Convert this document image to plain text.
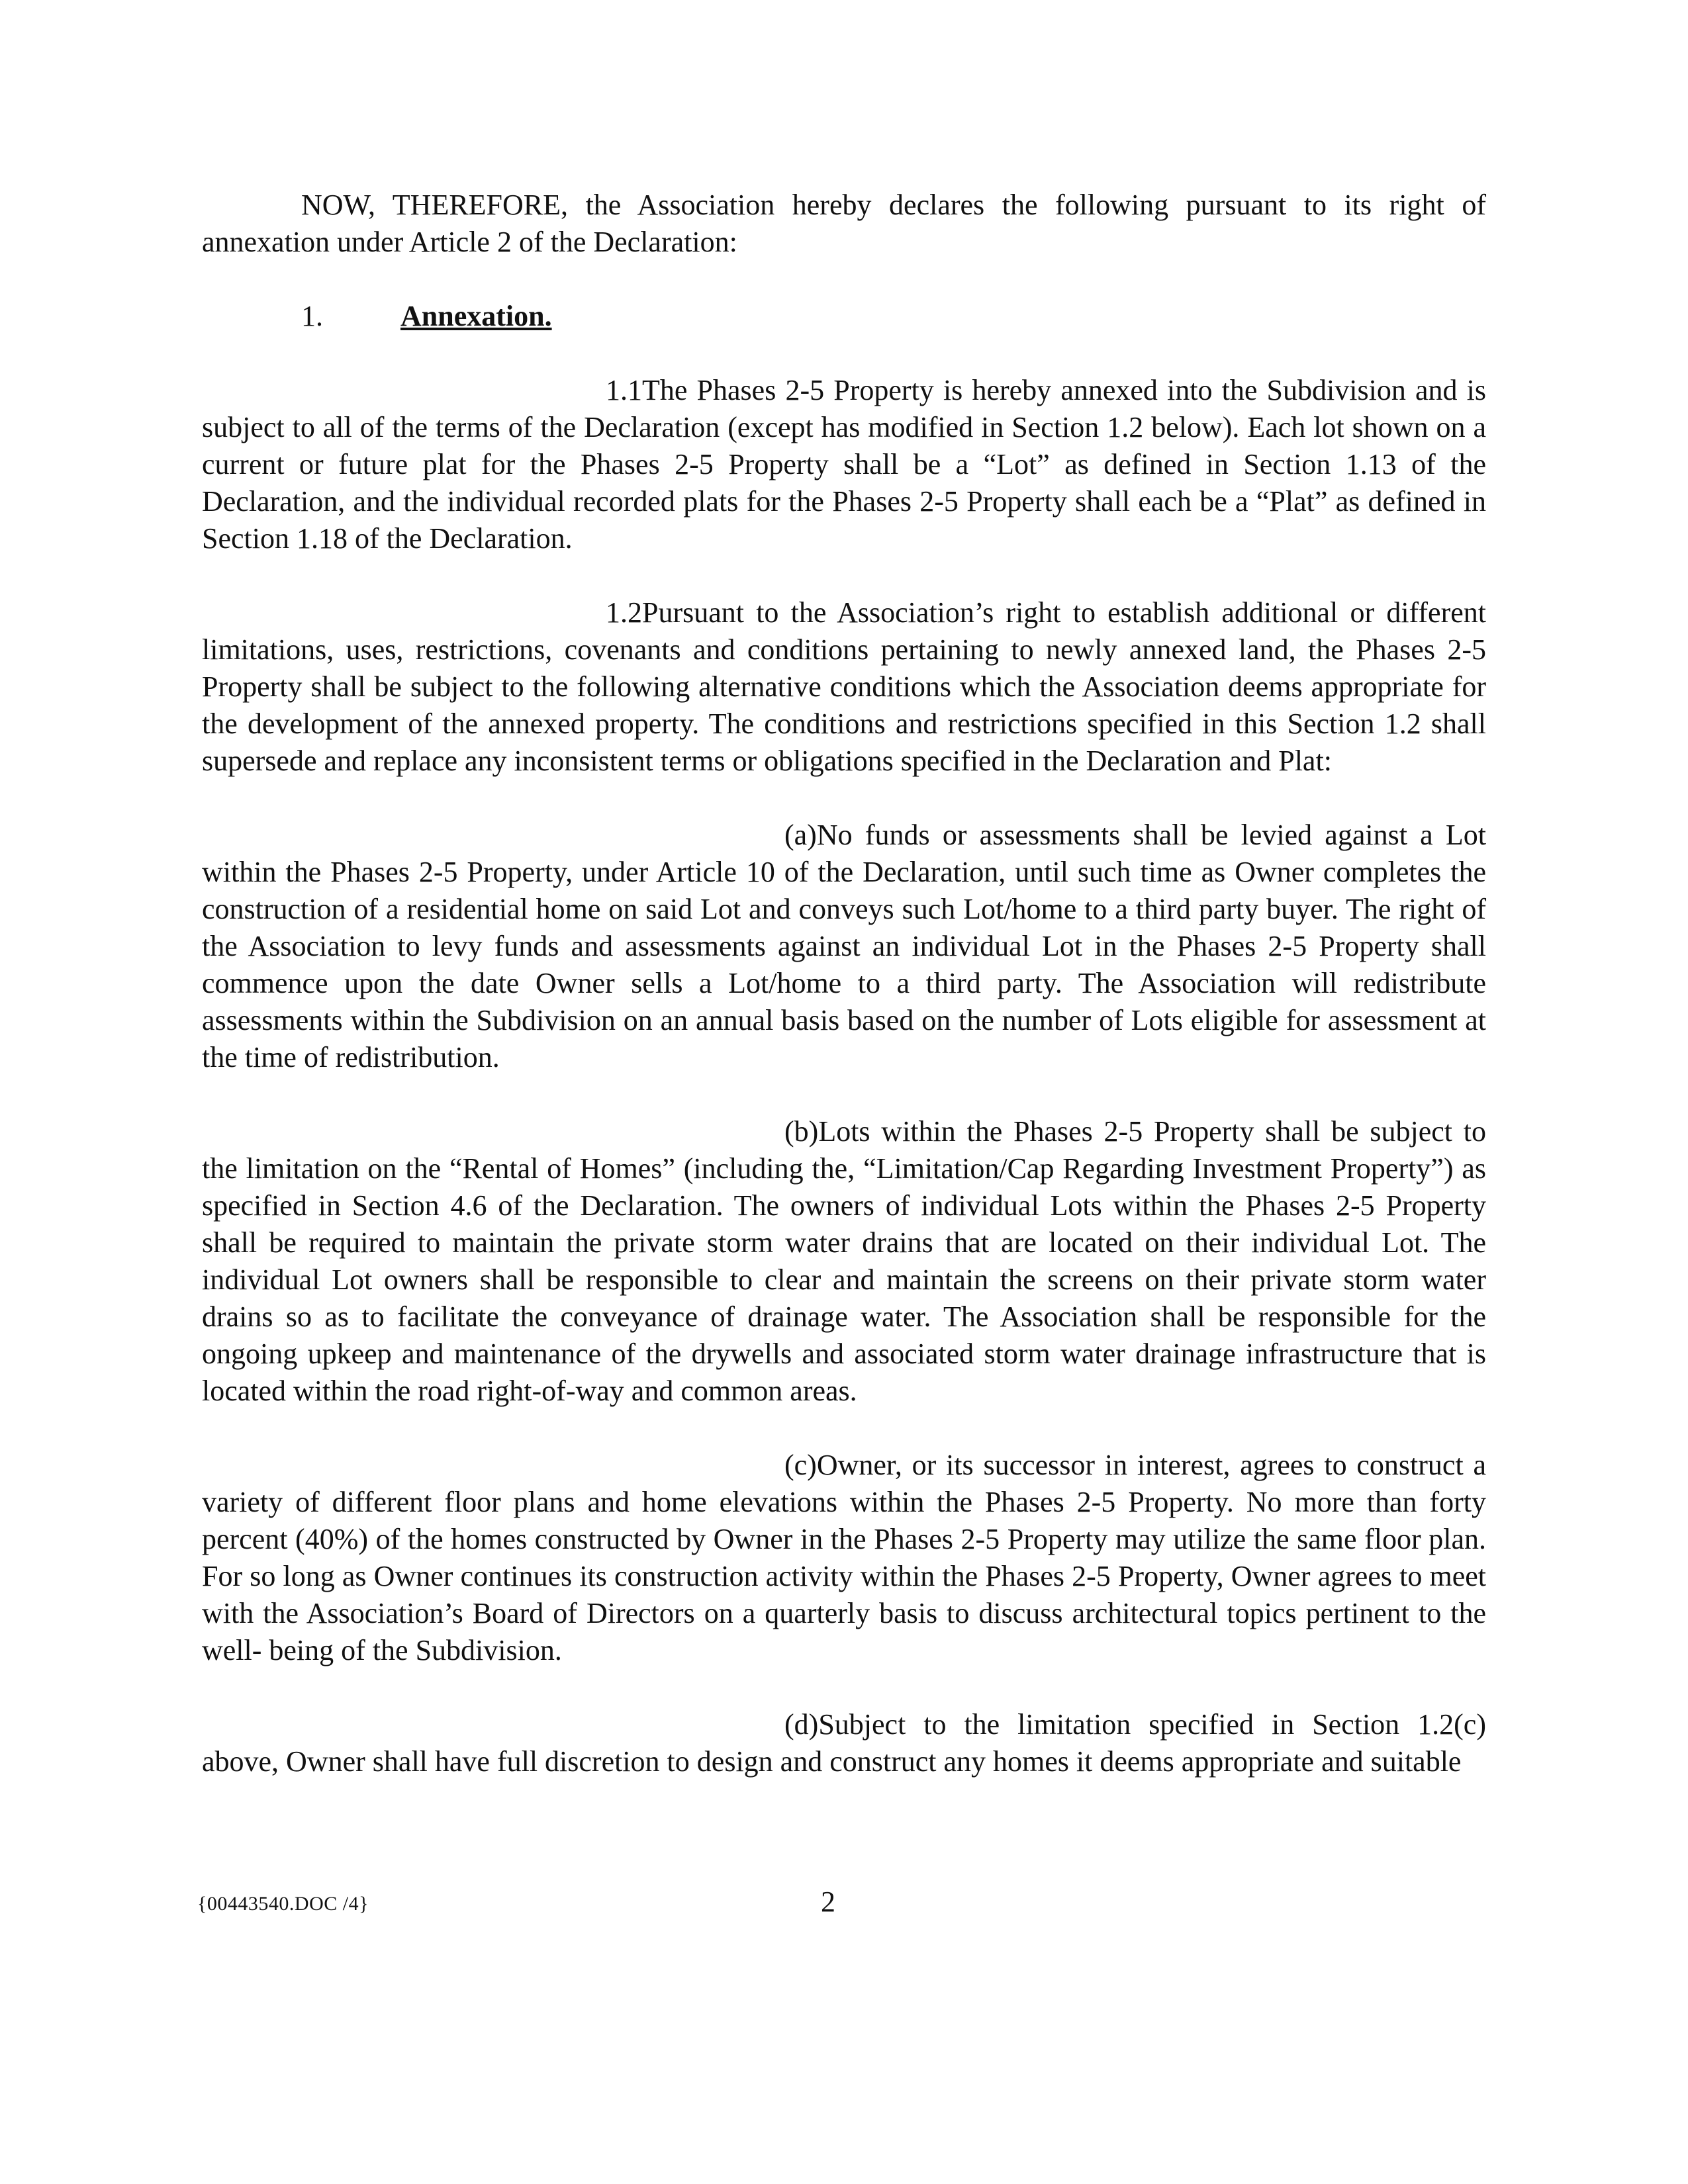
NOW, THEREFORE, the Association hereby declares the following pursuant to its right of annexation under Article 2 of the Declaration:

1.	Annexation.

1.1The Phases 2-5 Property is hereby annexed into the Subdivision and is subject to all of the terms of the Declaration (except has modified in Section 1.2 below). Each lot shown on a current or future plat for the Phases 2-5 Property shall be a “Lot” as defined in Section 1.13 of the Declaration, and the individual recorded plats for the Phases 2-5 Property shall each be a “Plat” as defined in Section 1.18 of the Declaration.

1.2Pursuant to the Association’s right to establish additional or different limitations, uses, restrictions, covenants and conditions pertaining to newly annexed land, the Phases 2-5 Property shall be subject to the following alternative conditions which the Association deems appropriate for the development of the annexed property. The conditions and restrictions specified in this Section 1.2 shall supersede and replace any inconsistent terms or obligations specified in the Declaration and Plat:

(a)No funds or assessments shall be levied against a Lot within the Phases 2-5 Property, under Article 10 of the Declaration, until such time as Owner completes the construction of a residential home on said Lot and conveys such Lot/home to a third party buyer. The right of the Association to levy funds and assessments against an individual Lot in the Phases 2-5 Property shall commence upon the date Owner sells a Lot/home to a third party. The Association will redistribute assessments within the Subdivision on an annual basis based on the number of Lots eligible for assessment at the time of redistribution.

(b)Lots within the Phases 2-5 Property shall be subject to the limitation on the “Rental of Homes” (including the, “Limitation/Cap Regarding Investment Property”) as specified in Section 4.6 of the Declaration. The owners of individual Lots within the Phases 2-5 Property shall be required to maintain the private storm water drains that are located on their individual Lot. The individual Lot owners shall be responsible to clear and maintain the screens on their private storm water drains so as to facilitate the conveyance of drainage water. The Association shall be responsible for the ongoing upkeep and maintenance of the drywells and associated storm water drainage infrastructure that is located within the road right-of-way and common areas.

(c)Owner, or its successor in interest, agrees to construct a variety of different floor plans and home elevations within the Phases 2-5 Property. No more than forty percent (40%) of the homes constructed by Owner in the Phases 2-5 Property may utilize the same floor plan. For so long as Owner continues its construction activity within the Phases 2-5 Property, Owner agrees to meet with the Association’s Board of Directors on a quarterly basis to discuss architectural topics pertinent to the well- being of the Subdivision.

(d)Subject to the limitation specified in Section 1.2(c) above, Owner shall have full discretion to design and construct any homes it deems appropriate and suitable

{00443540.DOC /4}	2
